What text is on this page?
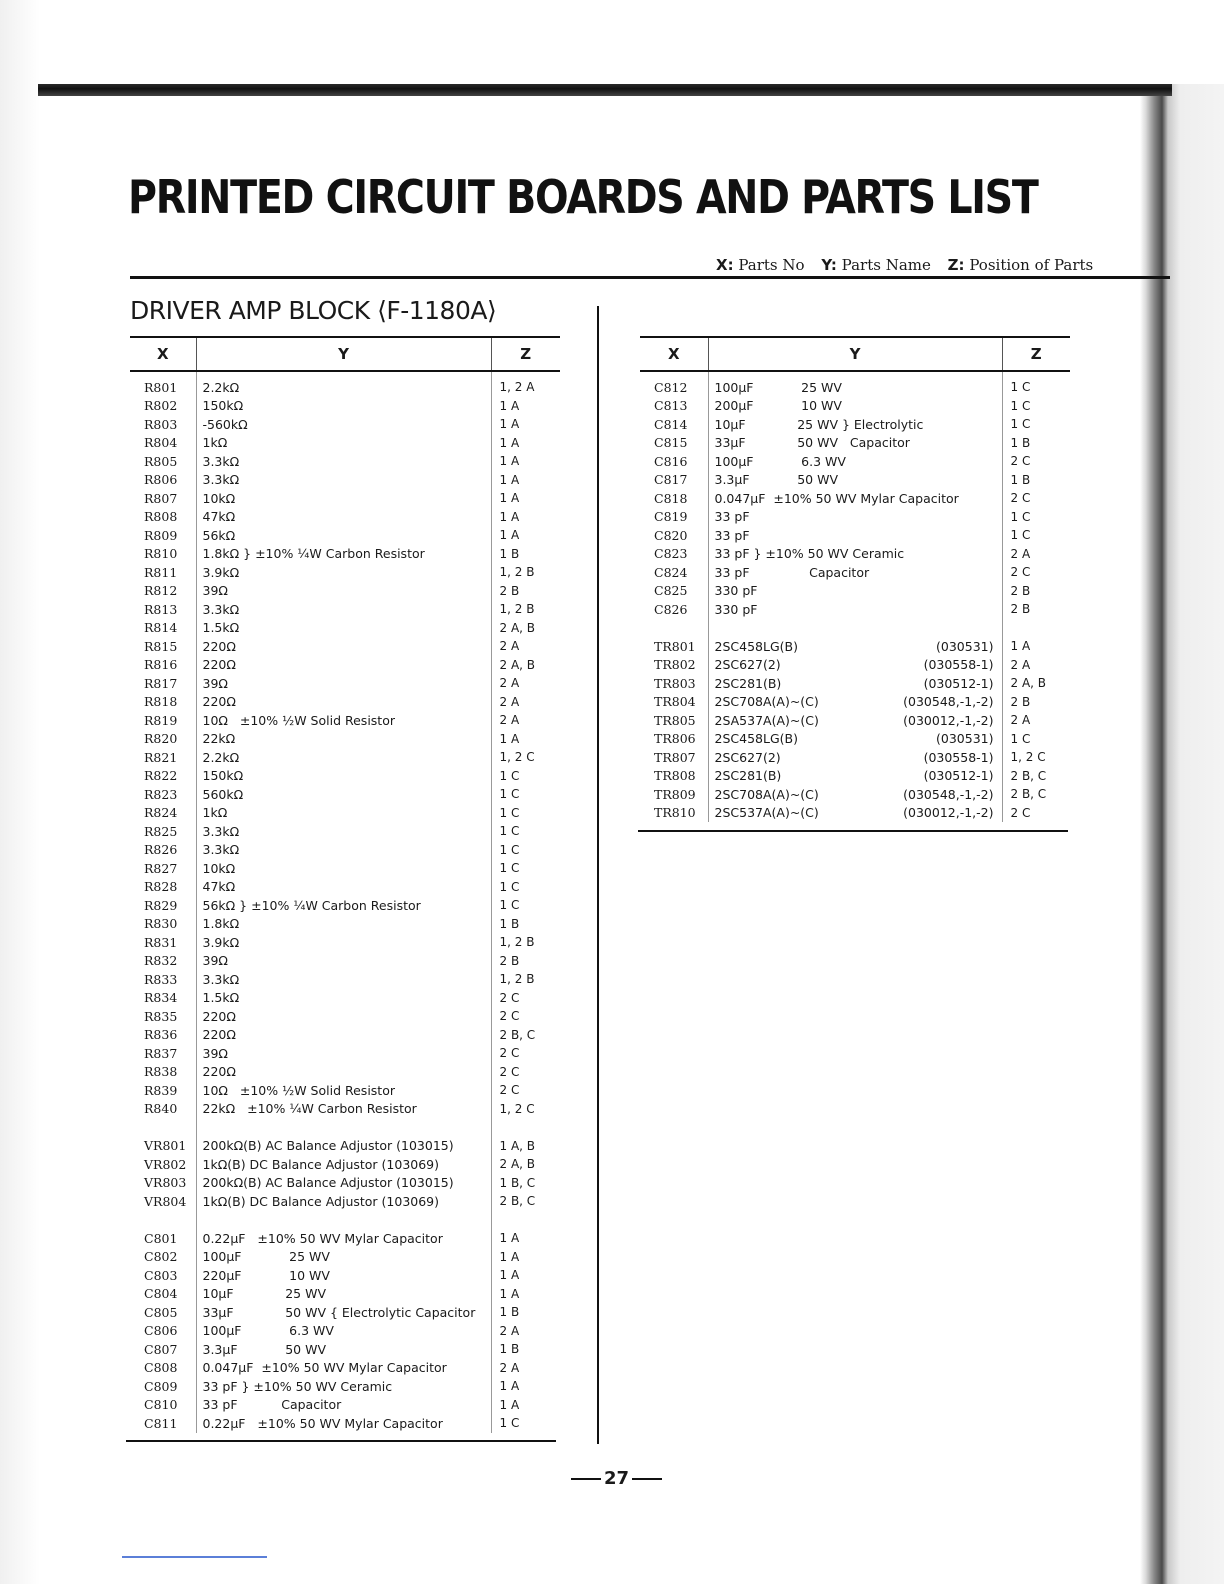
PRINTED CIRCUIT BOARDS AND PARTS LIST
X: Parts No Y: Parts Name Z: Position of Parts
DRIVER AMP BLOCK ⟨F-1180A⟩
X	Y	Z
R801	2.2kΩ	1, 2 A
R802	150kΩ	1 A
R803	-560kΩ	1 A
R804	1kΩ	1 A
R805	3.3kΩ	1 A
R806	3.3kΩ	1 A
R807	10kΩ	1 A
R808	47kΩ	1 A
R809	56kΩ	1 A
R810	1.8kΩ } ±10% ¼W Carbon Resistor	1 B
R811	3.9kΩ	1, 2 B
R812	39Ω	2 B
R813	3.3kΩ	1, 2 B
R814	1.5kΩ	2 A, B
R815	220Ω	2 A
R816	220Ω	2 A, B
R817	39Ω	2 A
R818	220Ω	2 A
R819	10Ω   ±10% ½W Solid Resistor	2 A
R820	22kΩ	1 A
R821	2.2kΩ	1, 2 C
R822	150kΩ	1 C
R823	560kΩ	1 C
R824	1kΩ	1 C
R825	3.3kΩ	1 C
R826	3.3kΩ	1 C
R827	10kΩ	1 C
R828	47kΩ	1 C
R829	56kΩ } ±10% ¼W Carbon Resistor	1 C
R830	1.8kΩ	1 B
R831	3.9kΩ	1, 2 B
R832	39Ω	2 B
R833	3.3kΩ	1, 2 B
R834	1.5kΩ	2 C
R835	220Ω	2 C
R836	220Ω	2 B, C
R837	39Ω	2 C
R838	220Ω	2 C
R839	10Ω   ±10% ½W Solid Resistor	2 C
R840	22kΩ   ±10% ¼W Carbon Resistor	1, 2 C

VR801	200kΩ(B) AC Balance Adjustor (103015)	1 A, B
VR802	1kΩ(B) DC Balance Adjustor (103069)	2 A, B
VR803	200kΩ(B) AC Balance Adjustor (103015)	1 B, C
VR804	1kΩ(B) DC Balance Adjustor (103069)	2 B, C

C801	0.22μF   ±10% 50 WV Mylar Capacitor	1 A
C802	100μF            25 WV	1 A
C803	220μF            10 WV	1 A
C804	10μF             25 WV	1 A
C805	33μF             50 WV { Electrolytic Capacitor	1 B
C806	100μF            6.3 WV	2 A
C807	3.3μF            50 WV	1 B
C808	0.047μF  ±10% 50 WV Mylar Capacitor	2 A
C809	33 pF } ±10% 50 WV Ceramic	1 A
C810	33 pF           Capacitor	1 A
C811	0.22μF   ±10% 50 WV Mylar Capacitor	1 C
X	Y	Z
C812	100μF            25 WV	1 C
C813	200μF            10 WV	1 C
C814	10μF             25 WV } Electrolytic	1 C
C815	33μF             50 WV   Capacitor	1 B
C816	100μF            6.3 WV	2 C
C817	3.3μF            50 WV	1 B
C818	0.047μF  ±10% 50 WV Mylar Capacitor	2 C
C819	33 pF	1 C
C820	33 pF	1 C
C823	33 pF } ±10% 50 WV Ceramic	2 A
C824	33 pF               Capacitor	2 C
C825	330 pF	2 B
C826	330 pF	2 B

TR801	2SC458LG(B) (030531)	1 A
TR802	2SC627(2) (030558-1)	2 A
TR803	2SC281(B) (030512-1)	2 A, B
TR804	2SC708A(A)~(C) (030548,-1,-2)	2 B
TR805	2SA537A(A)~(C) (030012,-1,-2)	2 A
TR806	2SC458LG(B) (030531)	1 C
TR807	2SC627(2) (030558-1)	1, 2 C
TR808	2SC281(B) (030512-1)	2 B, C
TR809	2SC708A(A)~(C) (030548,-1,-2)	2 B, C
TR810	2SC537A(A)~(C) (030012,-1,-2)	2 C
27
